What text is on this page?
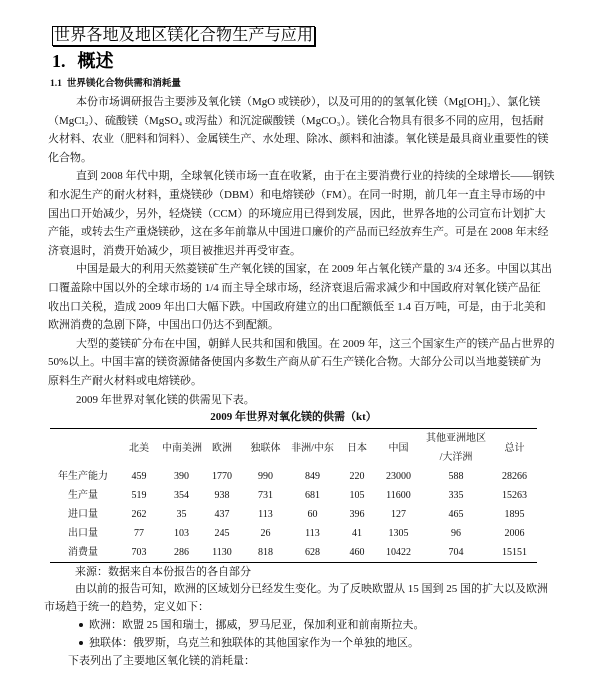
世界各地及地区镁化合物生产与应用
1. 概述
1.1 世界镁化合物供需和消耗量
本份市场调研报告主要涉及氧化镁（MgO 或镁砂），以及可用的的氢氧化镁（Mg[OH]₂）、氯化镁
（MgCl₂）、硫酸镁（MgSO₄ 或泻盐）和沉淀碳酸镁（MgCO₃）。镁化合物具有很多不同的应用，包括耐
火材料、农业（肥料和饲料）、金属镁生产、水处理、除冰、颜料和油漆。氧化镁是最具商业重要性的镁
化合物。
直到 2008 年代中期，全球氧化镁市场一直在收紧，由于在主要消费行业的持续的全球增长——钢铁
和水泥生产的耐火材料，重烧镁砂（DBM）和电熔镁砂（FM）。在同一时期，前几年一直主导市场的中
国出口开始减少，另外，轻烧镁（CCM）的环境应用已得到发展，因此，世界各地的公司宣布计划扩大
产能，或转去生产重烧镁砂，这在多年前靠从中国进口廉价的产品而已经放弃生产。可是在 2008 年末经
济衰退时，消费开始减少，项目被推迟并再受审查。
中国是最大的利用天然菱镁矿生产氧化镁的国家，在 2009 年占氧化镁产量的 3/4 还多。中国以其出
口覆盖除中国以外的全球市场的 1/4 而主导全球市场，经济衰退后需求减少和中国政府对氧化镁产品征
收出口关税，造成 2009 年出口大幅下跌。中国政府建立的出口配额低至 1.4 百万吨，可是，由于北美和
欧洲消费的急剧下降，中国出口仍达不到配额。
大型的菱镁矿分布在中国，朝鲜人民共和国和俄国。在 2009 年，这三个国家生产的镁产品占世界的
50%以上。中国丰富的镁资源储备使国内多数生产商从矿石生产镁化合物。大部分公司以当地菱镁矿为
原料生产耐火材料或电熔镁砂。
2009 年世界对氧化镁的供需见下表。
2009 年世界对氧化镁的供需（kt）
	北美	中南美洲	欧洲	独联体	非洲/中东	日本	中国	其他亚洲地区
/大洋洲	总计
年生产能力	459	390	1770	990	849	220	23000	588	28266
生产量	519	354	938	731	681	105	11600	335	15263
进口量	262	35	437	113	60	396	127	465	1895
出口量	77	103	245	26	113	41	1305	96	2006
消费量	703	286	1130	818	628	460	10422	704	15151
来源：数据来自本份报告的各自部分
由以前的报告可知，欧洲的区域划分已经发生变化。为了反映欧盟从 15 国到 25 国的扩大以及欧洲
市场趋于统一的趋势，定义如下：
欧洲：欧盟 25 国和瑞士，挪威，罗马尼亚，保加利亚和前南斯拉夫。
独联体：俄罗斯，乌克兰和独联体的其他国家作为一个单独的地区。
下表列出了主要地区氧化镁的消耗量：
